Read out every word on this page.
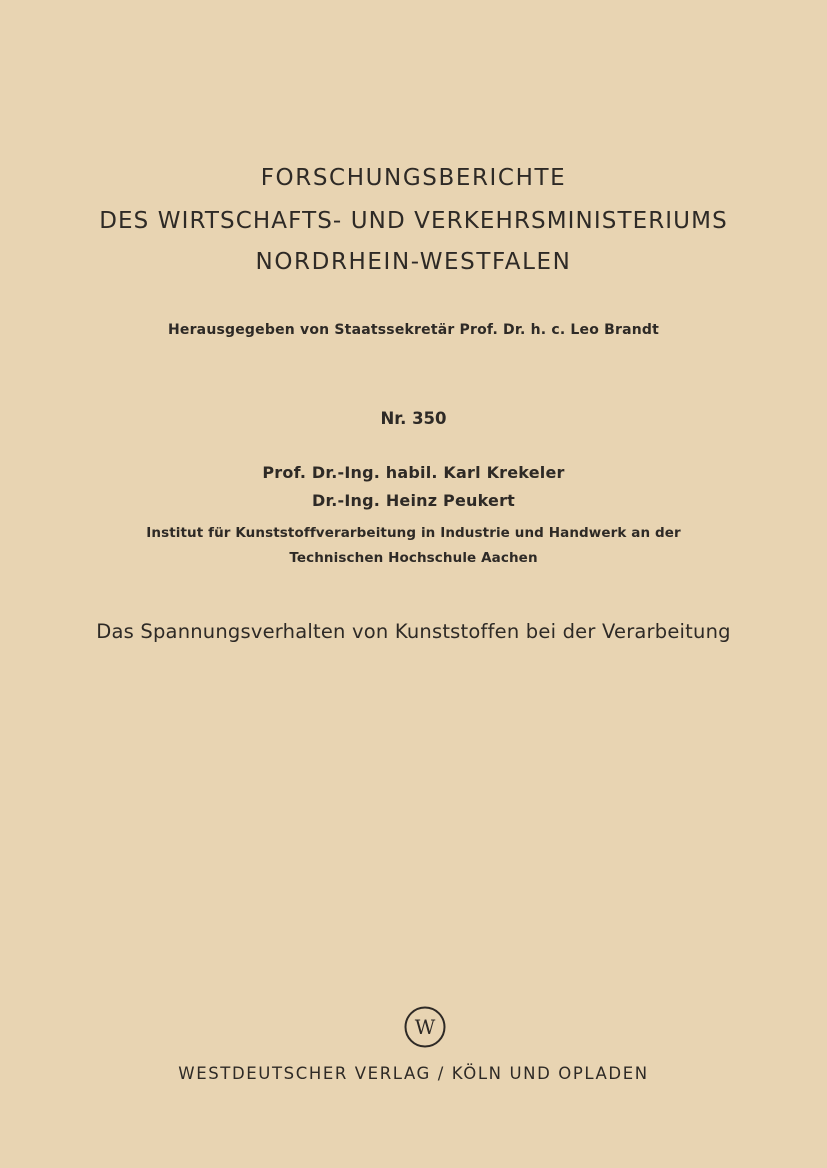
FORSCHUNGSBERICHTE
DES WIRTSCHAFTS- UND VERKEHRSMINISTERIUMS
NORDRHEIN-WESTFALEN

Herausgegeben von Staatssekretär Prof. Dr. h. c. Leo Brandt

Nr. 350

Prof. Dr.-Ing. habil. Karl Krekeler

Dr.-Ing. Heinz Peukert

Institut für Kunststoffverarbeitung in Industrie und Handwerk an der

Technischen Hochschule Aachen

Das Spannungsverhalten von Kunststoffen bei der Verarbeitung
W

WESTDEUTSCHER VERLAG / KÖLN UND OPLADEN
